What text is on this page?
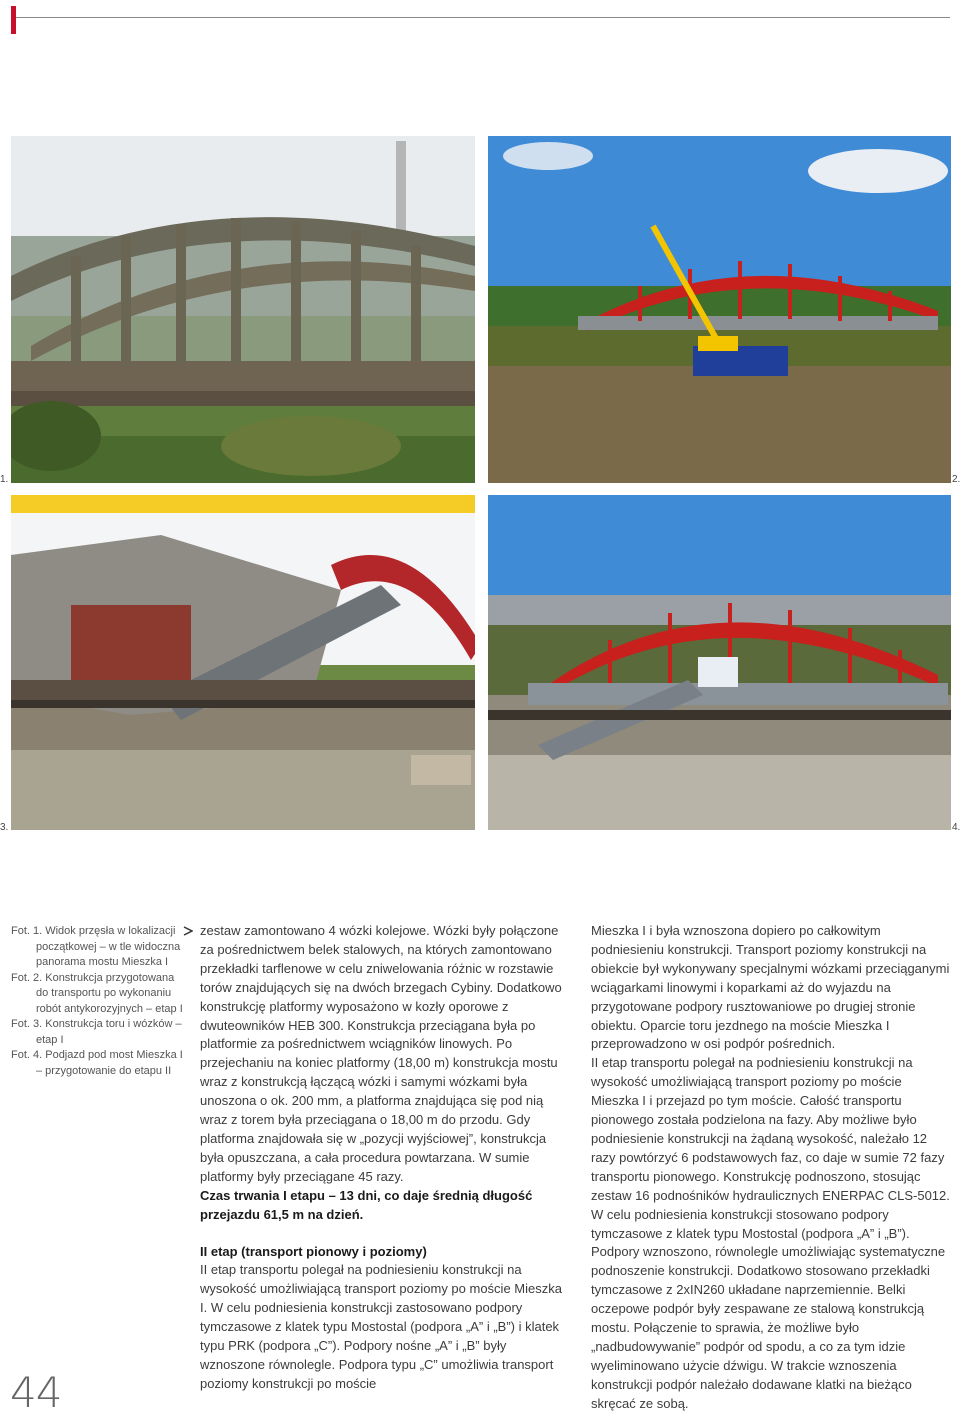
1.	2.
3.	4.

Fot. 1. Widok przęsła w lokalizacji początkowej – w tle widoczna panorama mostu Mieszka I

Fot. 2. Konstrukcja przygotowana do transportu po wykonaniu robót antykorozyjnych – etap I

Fot. 3. Konstrukcja toru i wózków – etap I

Fot. 4. Podjazd pod most Mieszka I – przygotowanie do etapu II

44

zestaw zamontowano 4 wózki kolejowe. Wózki były połączone za pośrednictwem belek stalowych, na których zamontowano przekładki tarflenowe w celu zniwelowania różnic w rozstawie torów znajdujących się na dwóch brzegach Cybiny. Dodatkowo konstrukcję platformy wyposażono w kozły oporowe z dwuteowników HEB 300. Konstrukcja przeciągana była po platformie za pośrednictwem wciągników linowych. Po przejechaniu na koniec platformy (18,00 m) konstrukcja mostu wraz z konstrukcją łączącą wózki i samymi wózkami była unoszona o ok. 200 mm, a platforma znajdująca się pod nią wraz z torem była przeciągana o 18,00 m do przodu. Gdy platforma znajdowała się w „pozycji wyjściowej”, konstrukcja była opuszczana, a cała procedura powtarzana. W sumie platformy były przeciągane 45 razy.

Czas trwania I etapu – 13 dni, co daje średnią długość przejazdu 61,5 m na dzień.

II etap (transport pionowy i poziomy)

II etap transportu polegał na podniesieniu konstrukcji na wysokość umożliwiającą transport poziomy po moście Mieszka I. W celu podniesienia konstrukcji zastosowano podpory tymczasowe z klatek typu Mostostal (podpora „A” i „B”) i klatek typu PRK (podpora „C”). Podpory nośne „A” i „B” były wznoszone równolegle. Podpora typu „C” umożliwia transport poziomy konstrukcji po moście

Mieszka I i była wznoszona dopiero po całkowitym podniesieniu konstrukcji. Transport poziomy konstrukcji na obiekcie był wykonywany specjalnymi wózkami przeciąganymi wciągarkami linowymi i koparkami aż do wyjazdu na przygotowane podpory rusztowaniowe po drugiej stronie obiektu. Oparcie toru jezdnego na moście Mieszka I przeprowadzono w osi podpór pośrednich.

II etap transportu polegał na podniesieniu konstrukcji na wysokość umożliwiającą transport poziomy po moście Mieszka I i przejazd po tym moście. Całość transportu pionowego została podzielona na fazy. Aby możliwe było podniesienie konstrukcji na żądaną wysokość, należało 12 razy powtórzyć 6 podstawowych faz, co daje w sumie 72 fazy transportu pionowego. Konstrukcję podnoszono, stosując zestaw 16 podnośników hydraulicznych ENERPAC CLS-5012. W celu podniesienia konstrukcji stosowano podpory tymczasowe z klatek typu Mostostal (podpora „A” i „B”). Podpory wznoszono, równolegle umożliwiając systematyczne podnoszenie konstrukcji. Dodatkowo stosowano przekładki tymczasowe z 2xIN260 układane naprzemiennie. Belki oczepowe podpór były zespawane ze stalową konstrukcją mostu. Połączenie to sprawia, że możliwe było „nadbudowywanie” podpór od spodu, a co za tym idzie wyeliminowano użycie dźwigu. W trakcie wznoszenia konstrukcji podpór należało dodawane klatki na bieżąco skręcać ze sobą.
